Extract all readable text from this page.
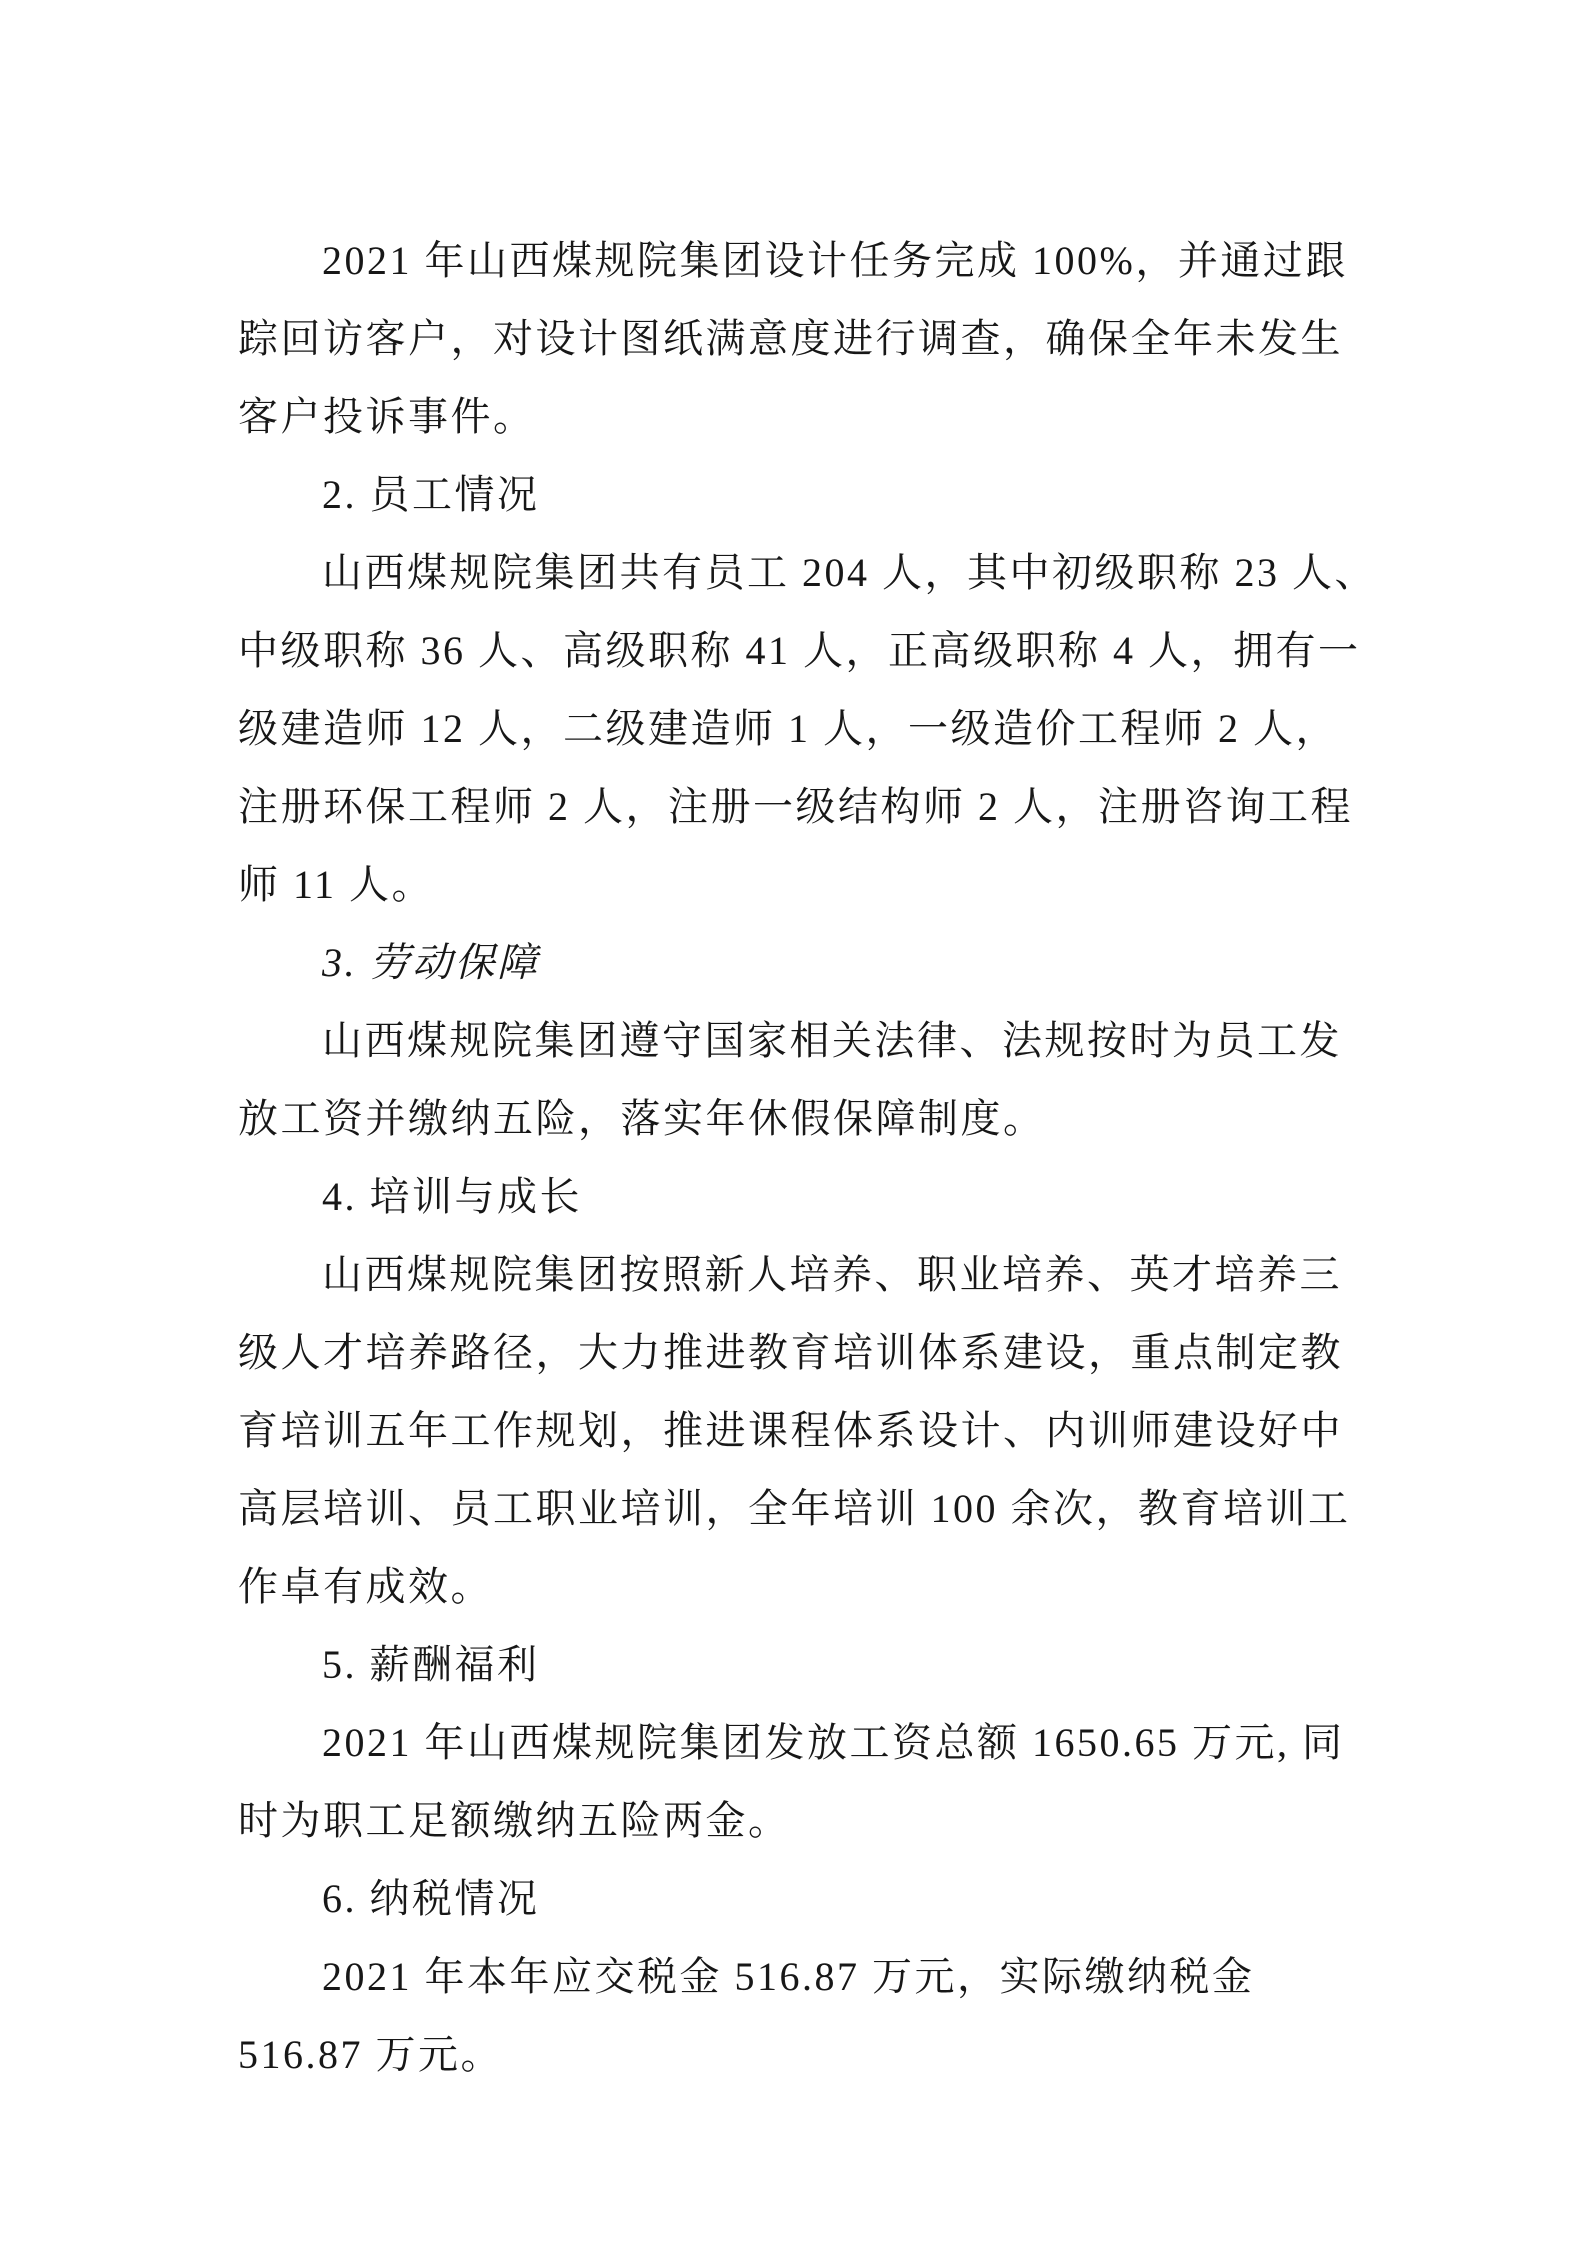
2021 年山西煤规院集团设计任务完成 100%，并通过跟
踪回访客户，对设计图纸满意度进行调查，确保全年未发生
客户投诉事件。
2. 员工情况
山西煤规院集团共有员工 204 人，其中初级职称 23 人、
中级职称 36 人、高级职称 41 人，正高级职称 4 人，拥有一
级建造师 12 人，二级建造师 1 人，一级造价工程师 2 人，
注册环保工程师 2 人，注册一级结构师 2 人，注册咨询工程
师 11 人。
3. 劳动保障
山西煤规院集团遵守国家相关法律、法规按时为员工发
放工资并缴纳五险，落实年休假保障制度。
4. 培训与成长
山西煤规院集团按照新人培养、职业培养、英才培养三
级人才培养路径，大力推进教育培训体系建设，重点制定教
育培训五年工作规划，推进课程体系设计、内训师建设好中
高层培训、员工职业培训，全年培训 100 余次，教育培训工
作卓有成效。
5. 薪酬福利
2021 年山西煤规院集团发放工资总额 1650.65 万元, 同
时为职工足额缴纳五险两金。
6. 纳税情况
2021 年本年应交税金 516.87 万元，实际缴纳税金
516.87 万元。
